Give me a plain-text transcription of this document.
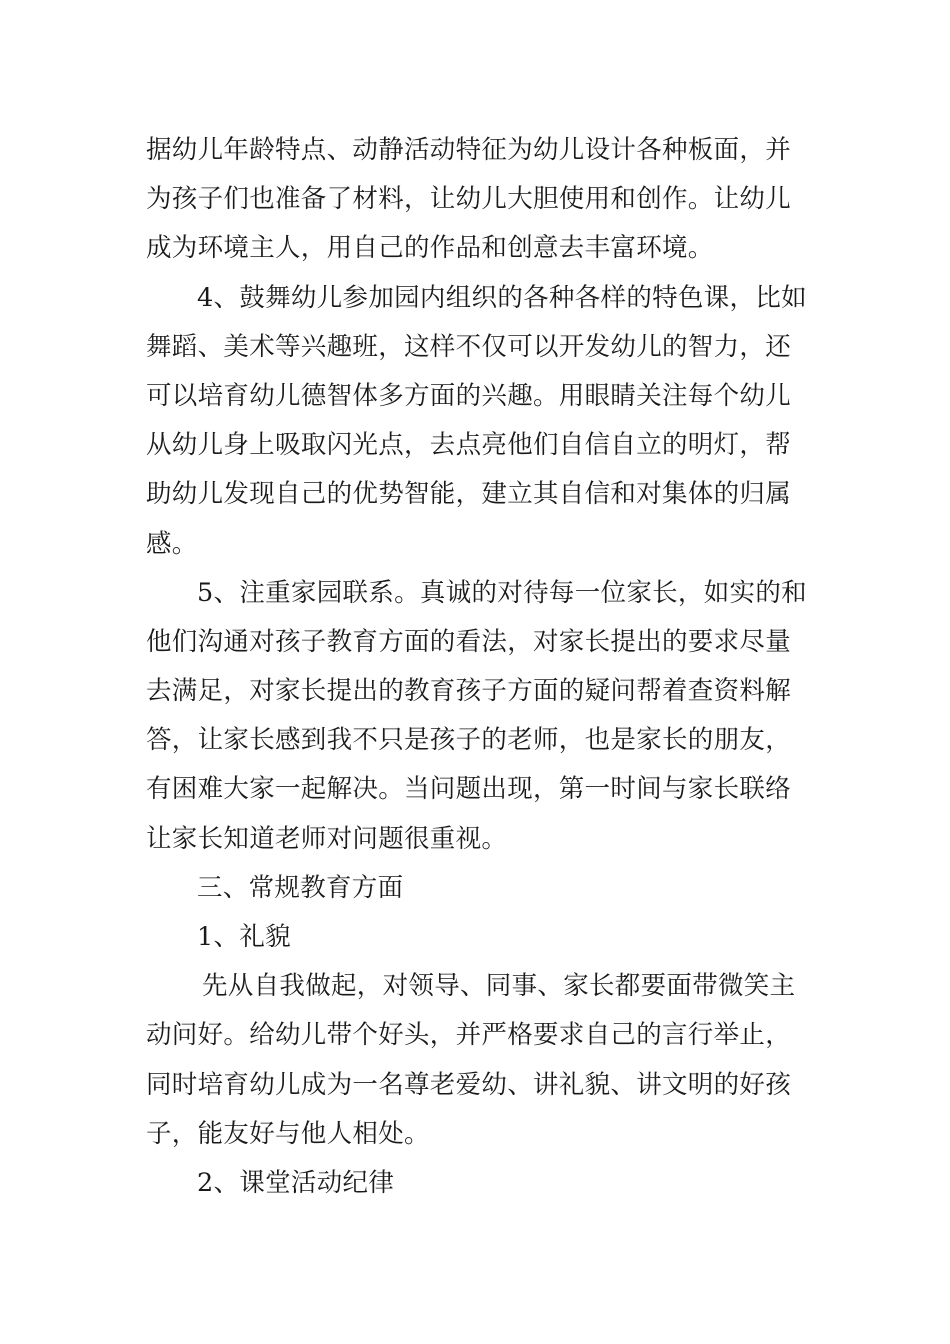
据幼儿年龄特点、动静活动特征为幼儿设计各种板面，并
为孩子们也准备了材料，让幼儿大胆使用和创作。让幼儿
成为环境主人，用自己的作品和创意去丰富环境。
4、鼓舞幼儿参加园内组织的各种各样的特色课，比如
舞蹈、美术等兴趣班，这样不仅可以开发幼儿的智力，还
可以培育幼儿德智体多方面的兴趣。用眼睛关注每个幼儿
从幼儿身上吸取闪光点，去点亮他们自信自立的明灯，帮
助幼儿发现自己的优势智能，建立其自信和对集体的归属
感。
5、注重家园联系。真诚的对待每一位家长，如实的和
他们沟通对孩子教育方面的看法，对家长提出的要求尽量
去满足，对家长提出的教育孩子方面的疑问帮着查资料解
答，让家长感到我不只是孩子的老师，也是家长的朋友，
有困难大家一起解决。当问题出现，第一时间与家长联络
让家长知道老师对问题很重视。
三、常规教育方面
1、礼貌
先从自我做起，对领导、同事、家长都要面带微笑主
动问好。给幼儿带个好头，并严格要求自己的言行举止，
同时培育幼儿成为一名尊老爱幼、讲礼貌、讲文明的好孩
子，能友好与他人相处。
2、课堂活动纪律
